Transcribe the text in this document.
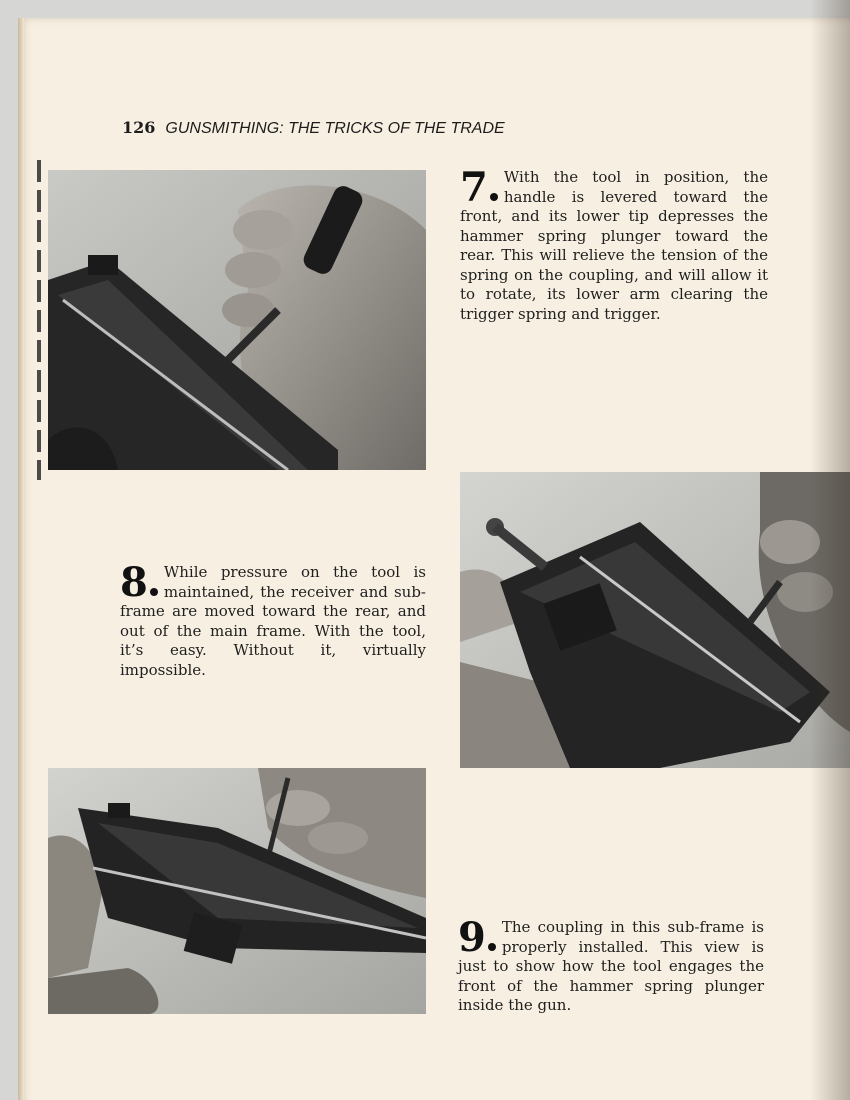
126 GUNSMITHING: THE TRICKS OF THE TRADE
7	With the tool in position, the handle is levered toward the front, and its lower tip depresses the hammer spring plunger toward the rear. This will relieve the tension of the spring on the coupling, and will allow it to rotate, its lower arm clearing the trigger spring and trigger.
8	While pressure on the tool is maintained, the receiver and sub-frame are moved toward the rear, and out of the main frame. With the tool, it’s easy. Without it, virtually impossible.
9	The coupling in this sub-frame is properly installed. This view is just to show how the tool engages the front of the hammer spring plunger inside the gun.
